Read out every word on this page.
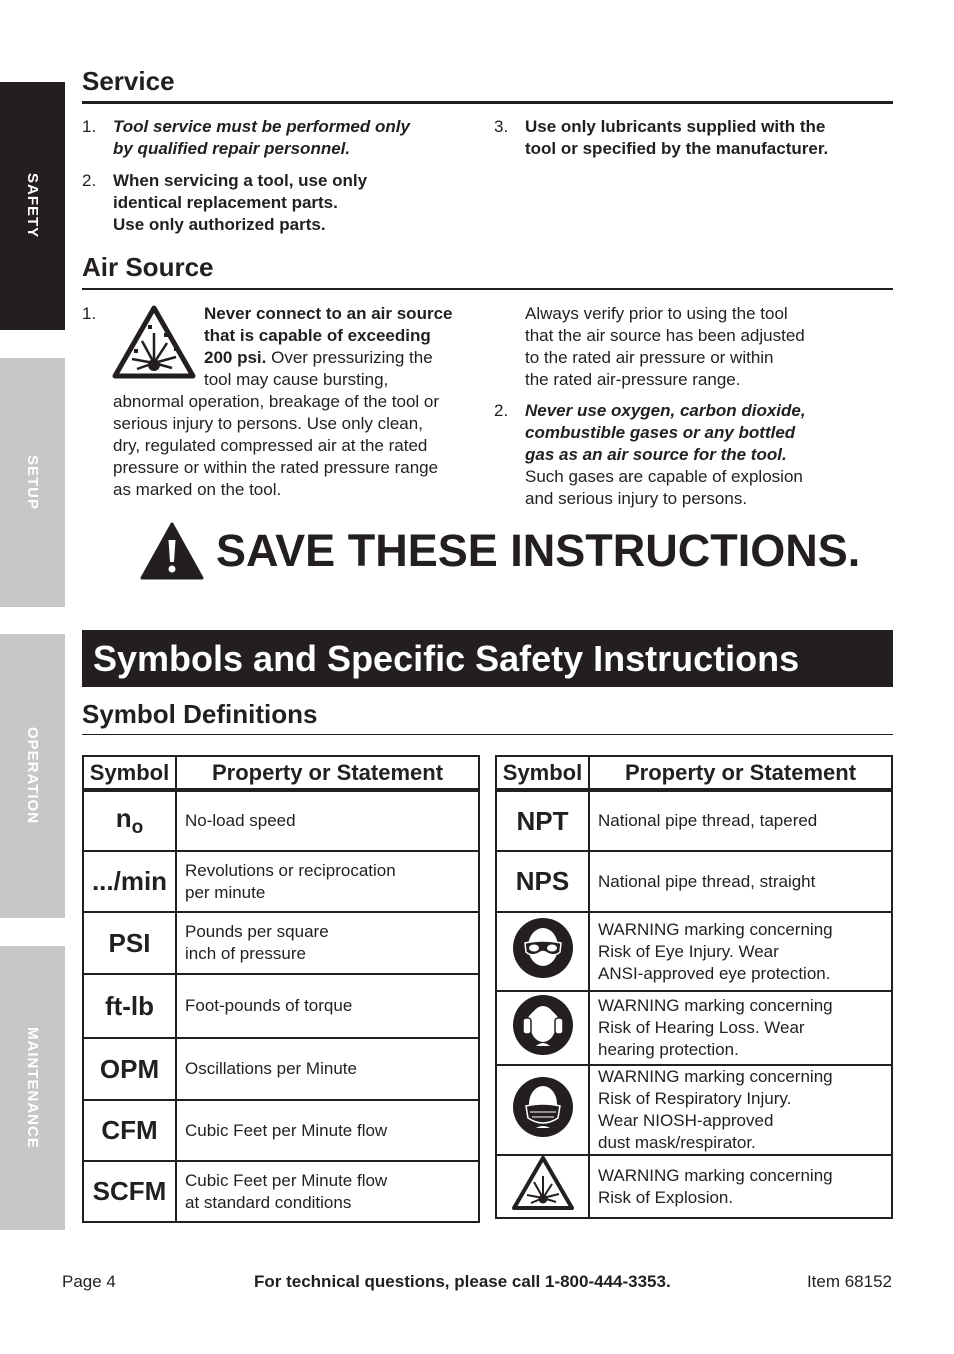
SAFETY
SETUP
OPERATION
MAINTENANCE
Service
1. Tool service must be performed only
by qualified repair personnel.
2. When servicing a tool, use only
identical replacement parts.
Use only authorized parts.
3. Use only lubricants supplied with the
tool or specified by the manufacturer.
Air Source
1.	Never connect to an air source
that is capable of exceeding
200 psi. Over pressurizing the
tool may cause bursting,
abnormal operation, breakage of the tool or
serious injury to persons. Use only clean,
dry, regulated compressed air at the rated
pressure or within the rated pressure range
as marked on the tool.
Always verify prior to using the tool
that the air source has been adjusted
to the rated air pressure or within
the rated air-pressure range.
2. Never use oxygen, carbon dioxide,
combustible gases or any bottled
gas as an air source for the tool.
Such gases are capable of explosion
and serious injury to persons.
SAVE THESE INSTRUCTIONS.
Symbols and Specific Safety Instructions
Symbol Definitions
Symbol	Property or Statement
$n_o$	No-load speed

.../min	Revolutions or reciprocation
per minute

PSI	Pounds per square
inch of pressure

ft-lb	Foot-pounds of torque

OPM	Oscillations per Minute

CFM	Cubic Feet per Minute flow

SCFM	Cubic Feet per Minute flow
at standard conditions
Symbol	Property or Statement
NPT	National pipe thread, tapered

NPS	National pipe thread, straight

WARNING marking concerning
Risk of Eye Injury. Wear
ANSI-approved eye protection.

WARNING marking concerning
Risk of Hearing Loss. Wear
hearing protection.

WARNING marking concerning
Risk of Respiratory Injury.
Wear NIOSH-approved
dust mask/respirator.

WARNING marking concerning
Risk of Explosion.
Page 4	For technical questions, please call 1-800-444-3353.	Item 68152
